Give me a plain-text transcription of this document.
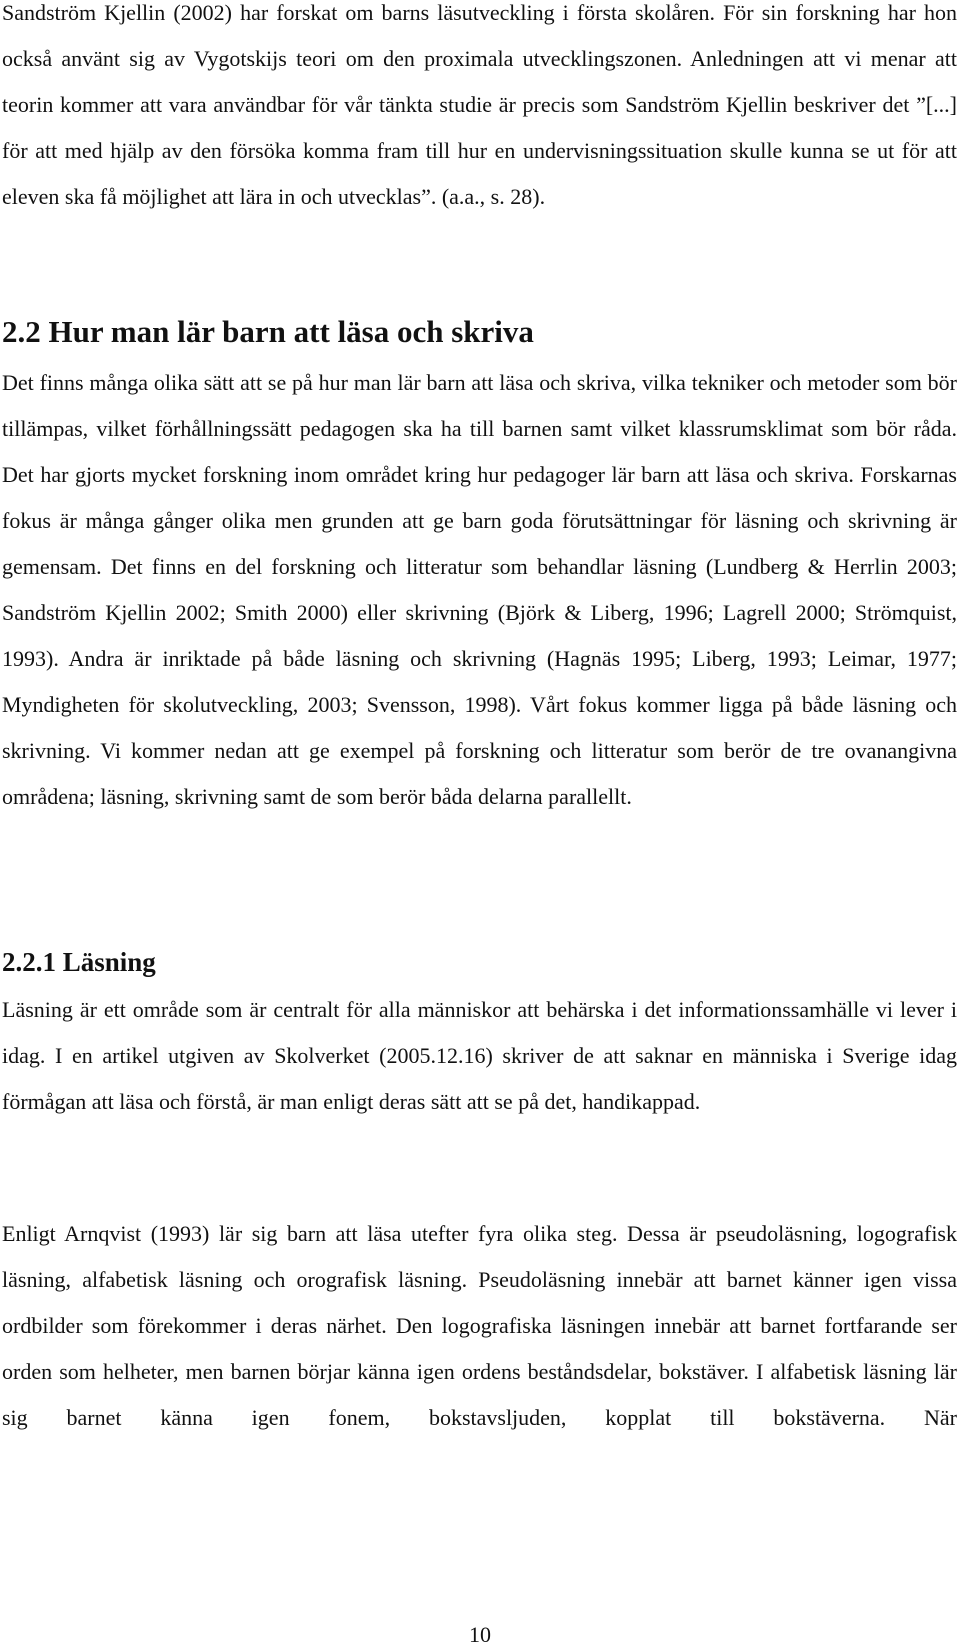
Sandström Kjellin (2002) har forskat om barns läsutveckling i första skolåren. För sin forskning har hon också använt sig av Vygotskijs teori om den proximala utvecklingszonen. Anledningen att vi menar att teorin kommer att vara användbar för vår tänkta studie är precis som Sandström Kjellin beskriver det ”[...] för att med hjälp av den försöka komma fram till hur en undervisningssituation skulle kunna se ut för att eleven ska få möjlighet att lära in och utvecklas”. (a.a., s. 28).

2.2 Hur man lär barn att läsa och skriva

Det finns många olika sätt att se på hur man lär barn att läsa och skriva, vilka tekniker och metoder som bör tillämpas, vilket förhållningssätt pedagogen ska ha till barnen samt vilket klassrumsklimat som bör råda. Det har gjorts mycket forskning inom området kring hur pedagoger lär barn att läsa och skriva. Forskarnas fokus är många gånger olika men grunden att ge barn goda förutsättningar för läsning och skrivning är gemensam. Det finns en del forskning och litteratur som behandlar läsning (Lundberg & Herrlin 2003; Sandström Kjellin 2002; Smith 2000) eller skrivning (Björk & Liberg, 1996; Lagrell 2000; Strömquist, 1993). Andra är inriktade på både läsning och skrivning (Hagnäs 1995; Liberg, 1993; Leimar, 1977; Myndigheten för skolutveckling, 2003; Svensson, 1998). Vårt fokus kommer ligga på både läsning och skrivning. Vi kommer nedan att ge exempel på forskning och litteratur som berör de tre ovanangivna områdena; läsning, skrivning samt de som berör båda delarna parallellt.

2.2.1 Läsning

Läsning är ett område som är centralt för alla människor att behärska i det informationssamhälle vi lever i idag. I en artikel utgiven av Skolverket (2005.12.16) skriver de att saknar en människa i Sverige idag förmågan att läsa och förstå, är man enligt deras sätt att se på det, handikappad.

Enligt Arnqvist (1993) lär sig barn att läsa utefter fyra olika steg. Dessa är pseudoläsning, logografisk läsning, alfabetisk läsning och orografisk läsning. Pseudoläsning innebär att barnet känner igen vissa ordbilder som förekommer i deras närhet. Den logografiska läsningen innebär att barnet fortfarande ser orden som helheter, men barnen börjar känna igen ordens beståndsdelar, bokstäver. I alfabetisk läsning lär sig barnet känna igen fonem, bokstavsljuden, kopplat till bokstäverna. När

10
